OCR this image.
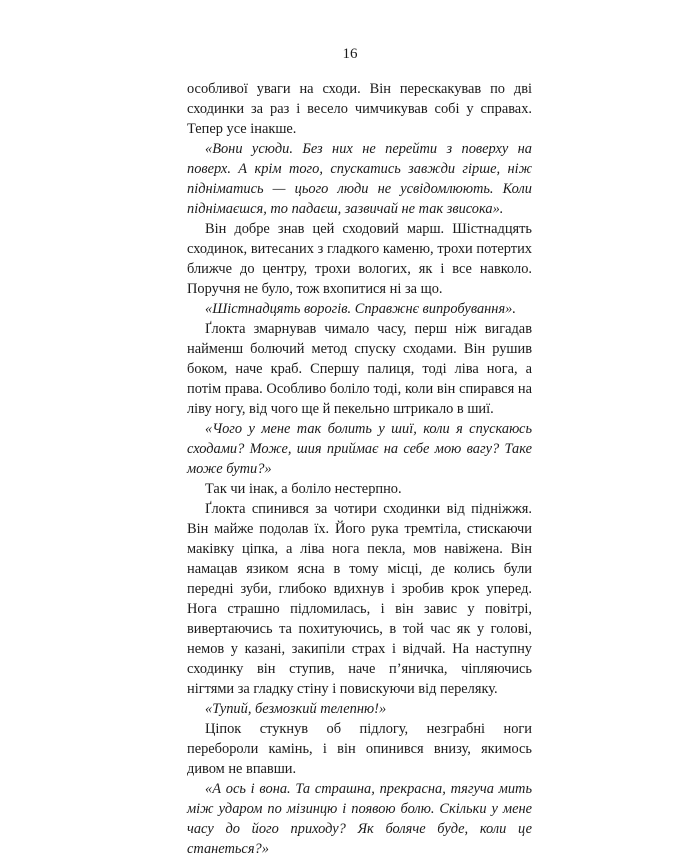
16

особливої уваги на сходи. Він перескакував по дві сходинки за раз і весело чимчикував собі у справах. Тепер усе інакше.

«Вони усюди. Без них не перейти з поверху на поверх. А крім того, спускатись завжди гірше, ніж підніматись — цього люди не усвідомлюють. Коли піднімаєшся, то падаєш, зазвичай не так звисока».

Він добре знав цей сходовий марш. Шістнадцять сходинок, витесаних з гладкого каменю, трохи потертих ближче до центру, трохи вологих, як і все навколо. Поручня не було, тож вхопитися ні за що.

«Шістнадцять ворогів. Справжнє випробування».

Ґлокта змарнував чимало часу, перш ніж вигадав найменш болючий метод спуску сходами. Він рушив боком, наче краб. Спершу палиця, тоді ліва нога, а потім права. Особливо боліло тоді, коли він спирався на ліву ногу, від чого ще й пекельно штрикало в шиї.

«Чого у мене так болить у шиї, коли я спускаюсь сходами? Може, шия приймає на себе мою вагу? Таке може бути?»

Так чи інак, а боліло нестерпно.

Ґлокта спинився за чотири сходинки від підніжжя. Він майже подолав їх. Його рука тремтіла, стискаючи маківку ціпка, а ліва нога пекла, мов навіжена. Він намацав язиком ясна в тому місці, де колись були передні зуби, глибоко вдихнув і зробив крок уперед. Нога страшно підломилась, і він завис у повітрі, вивертаючись та похитуючись, в той час як у голові, немов у казані, закипіли страх і відчай. На наступну сходинку він ступив, наче п’яничка, чіпляючись нігтями за гладку стіну і повискуючи від переляку.

«Тупий, безмозкий телепню!»

Ціпок стукнув об підлогу, незграбні ноги перебороли камінь, і він опинився внизу, якимось дивом не впавши.

«А ось і вона. Та страшна, прекрасна, тягуча мить між ударом по мізинцю і появою болю. Скільки у мене часу до його приходу? Як боляче буде, коли це станеться?»
